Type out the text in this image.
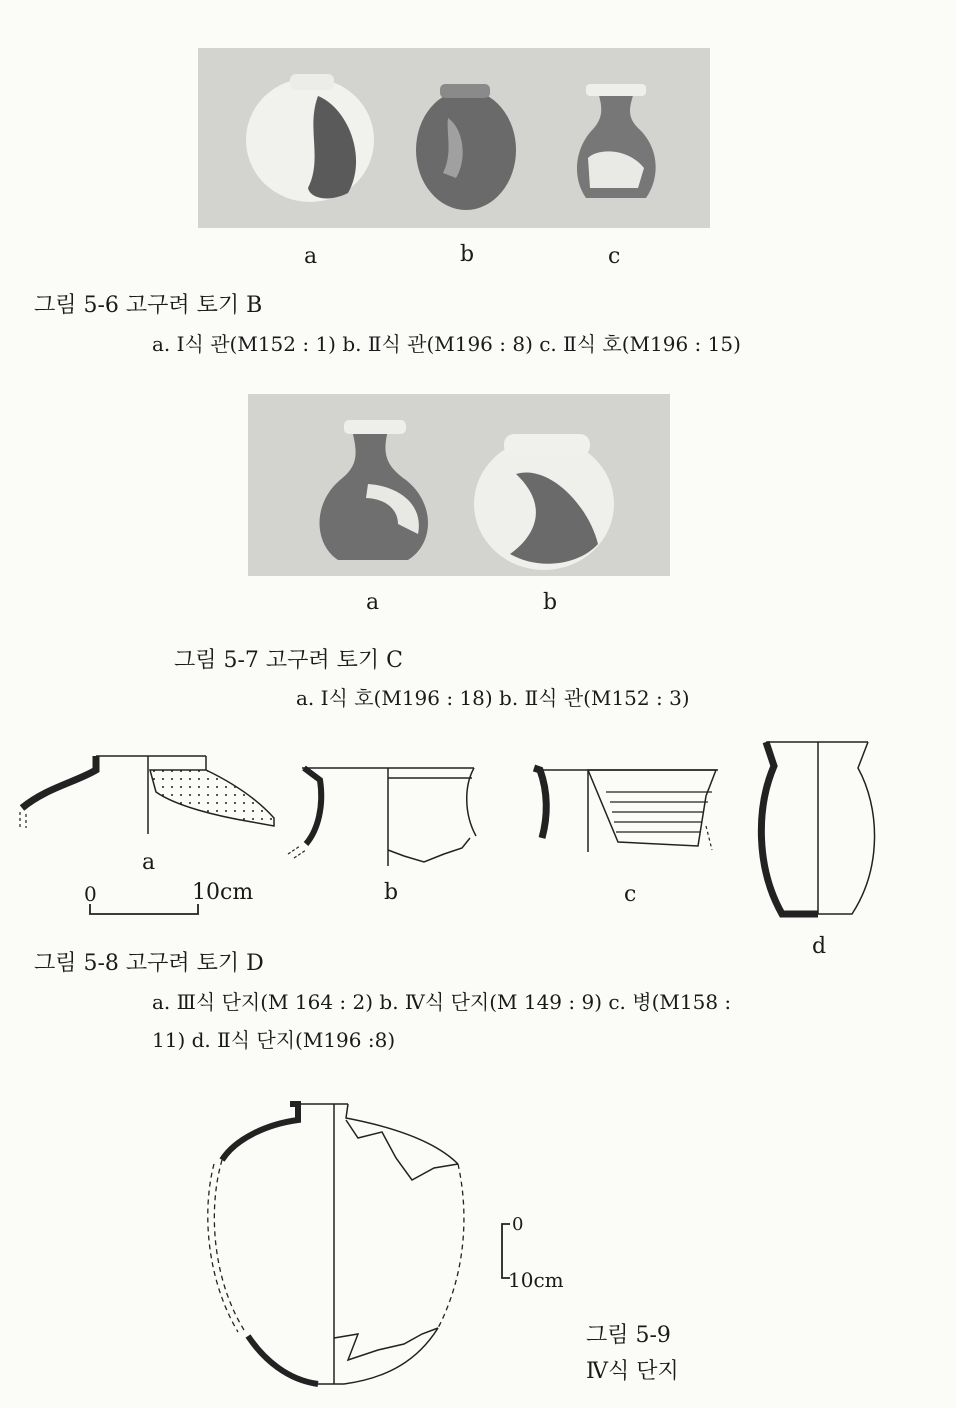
a	b	c
그림 5-6 고구려 토기 B
a. Ⅰ식 관(M152 : 1) b. Ⅱ식 관(M196 : 8) c. Ⅱ식 호(M196 : 15)
a	b
그림 5-7 고구려 토기 C
a. Ⅰ식 호(M196 : 18) b. Ⅱ식 관(M152 : 3)
0	10cm
a
b	c
d
그림 5-8 고구려 토기 D
a. Ⅲ식 단지(M 164 : 2) b. Ⅳ식 단지(M 149 : 9) c. 병(M158 :
11) d. Ⅱ식 단지(M196 :8)
0
10cm
그림 5-9
Ⅳ식 단지
